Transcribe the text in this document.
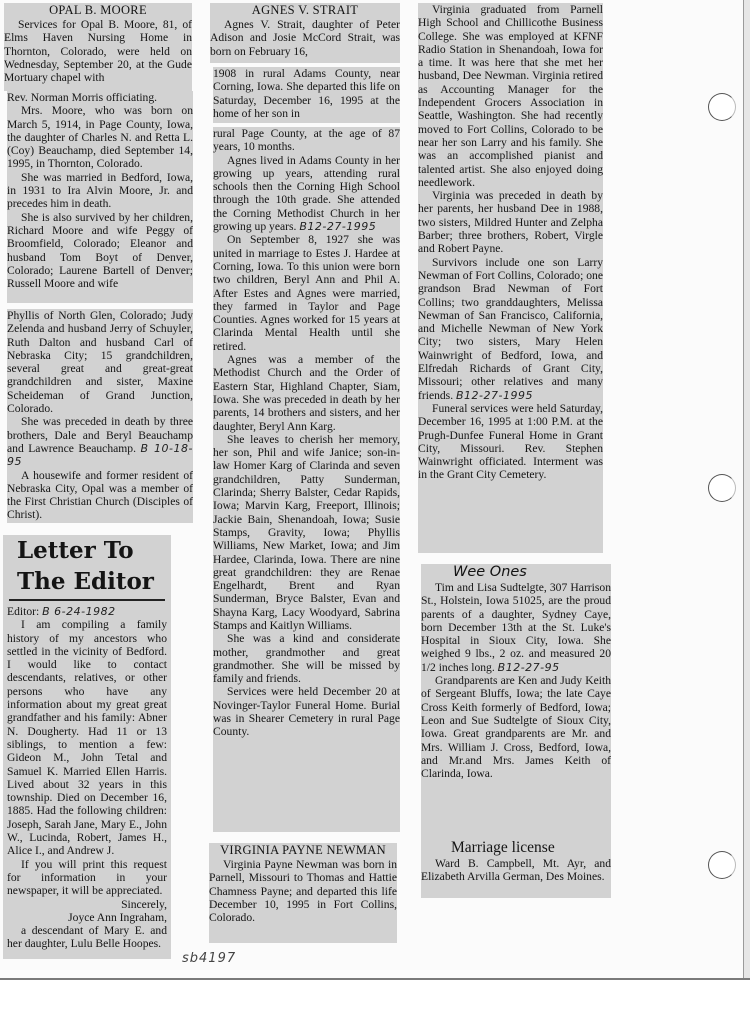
OPAL B. MOORE

Services for Opal B. Moore, 81, of Elms Haven Nursing Home in Thornton, Colorado, were held on Wednesday, September 20, at the Gude Mortuary chapel with

Rev. Norman Morris officiating.

Mrs. Moore, who was born on March 5, 1914, in Page County, Iowa, the daughter of Charles N. and Retta L. (Coy) Beauchamp, died September 14, 1995, in Thornton, Colorado.

She was married in Bedford, Iowa, in 1931 to Ira Alvin Moore, Jr. and precedes him in death.

She is also survived by her children, Richard Moore and wife Peggy of Broomfield, Colorado; Eleanor and husband Tom Boyt of Denver, Colorado; Laurene Bartell of Denver; Russell Moore and wife

Phyllis of North Glen, Colorado; Judy Zelenda and husband Jerry of Schuyler, Ruth Dalton and husband Carl of Nebraska City; 15 grandchildren, several great and great-great grandchildren and sister, Maxine Scheideman of Grand Junction, Colorado.

She was preceded in death by three brothers, Dale and Beryl Beauchamp and Lawrence Beauchamp. B 10-18-95

A housewife and former resident of Nebraska City, Opal was a member of the First Christian Church (Disciples of Christ).

Letter To
The Editor

Editor: B 6-24-1982

I am compiling a family history of my ancestors who settled in the vicinity of Bedford. I would like to contact descendants, relatives, or other persons who have any information about my great great grandfather and his family: Abner N. Dougherty. Had 11 or 13 siblings, to mention a few: Gideon M., John Tetal and Samuel K. Married Ellen Harris. Lived about 32 years in this township. Died on December 16, 1885. Had the following children: Joseph, Sarah Jane, Mary E., John W., Lucinda, Robert, James H., Alice I., and Andrew J.

If you will print this request for information in your newspaper, it will be appreciated.

Sincerely,
Joyce Ann Ingraham,

a descendant of Mary E. and her daughter, Lulu Belle Hoopes.

AGNES V. STRAIT

Agnes V. Strait, daughter of Peter Adison and Josie McCord Strait, was born on February 16,

1908 in rural Adams County, near Corning, Iowa. She departed this life on Saturday, December 16, 1995 at the home of her son in

rural Page County, at the age of 87 years, 10 months.

Agnes lived in Adams County in her growing up years, attending rural schools then the Corning High School through the 10th grade. She attended the Corning Methodist Church in her growing up years. B12-27-1995

On September 8, 1927 she was united in marriage to Estes J. Hardee at Corning, Iowa. To this union were born two children, Beryl Ann and Phil A. After Estes and Agnes were married, they farmed in Taylor and Page Counties. Agnes worked for 15 years at Clarinda Mental Health until she retired.

Agnes was a member of the Methodist Church and the Order of Eastern Star, Highland Chapter, Siam, Iowa. She was preceded in death by her parents, 14 brothers and sisters, and her daughter, Beryl Ann Karg.

She leaves to cherish her memory, her son, Phil and wife Janice; son-in-law Homer Karg of Clarinda and seven grandchildren, Patty Sunderman, Clarinda; Sherry Balster, Cedar Rapids, Iowa; Marvin Karg, Freeport, Illinois; Jackie Bain, Shenandoah, Iowa; Susie Stamps, Gravity, Iowa; Phyllis Williams, New Market, Iowa; and Jim Hardee, Clarinda, Iowa. There are nine great grandchildren: they are Renae Engelhardt, Brent and Ryan Sunderman, Bryce Balster, Evan and Shayna Karg, Lacy Woodyard, Sabrina Stamps and Kaitlyn Williams.

She was a kind and considerate mother, grandmother and great grandmother. She will be missed by family and friends.

Services were held December 20 at Novinger-Taylor Funeral Home. Burial was in Shearer Cemetery in rural Page County.

VIRGINIA PAYNE NEWMAN

Virginia Payne Newman was born in Parnell, Missouri to Thomas and Hattie Chamness Payne; and departed this life December 10, 1995 in Fort Collins, Colorado.

Virginia graduated from Parnell High School and Chillicothe Business College. She was employed at KFNF Radio Station in Shenandoah, Iowa for a time. It was here that she met her husband, Dee Newman. Virginia retired as Accounting Manager for the Independent Grocers Association in Seattle, Washington. She had recently moved to Fort Collins, Colorado to be near her son Larry and his family. She was an accomplished pianist and talented artist. She also enjoyed doing needlework.

Virginia was preceded in death by her parents, her husband Dee in 1988, two sisters, Mildred Hunter and Zelpha Barber; three brothers, Robert, Virgle and Robert Payne.

Survivors include one son Larry Newman of Fort Collins, Colorado; one grandson Brad Newman of Fort Collins; two granddaughters, Melissa Newman of San Francisco, California, and Michelle Newman of New York City; two sisters, Mary Helen Wainwright of Bedford, Iowa, and Elfredah Richards of Grant City, Missouri; other relatives and many friends. B12-27-1995

Funeral services were held Saturday, December 16, 1995 at 1:00 P.M. at the Prugh-Dunfee Funeral Home in Grant City, Missouri. Rev. Stephen Wainwright officiated. Interment was in the Grant City Cemetery.

Wee Ones

Tim and Lisa Sudtelgte, 307 Harrison St., Holstein, Iowa 51025, are the proud parents of a daughter, Sydney Caye, born December 13th at the St. Luke's Hospital in Sioux City, Iowa. She weighed 9 lbs., 2 oz. and measured 20 1/2 inches long. B12-27-95

Grandparents are Ken and Judy Keith of Sergeant Bluffs, Iowa; the late Caye Cross Keith formerly of Bedford, Iowa; Leon and Sue Sudtelgte of Sioux City, Iowa. Great grandparents are Mr. and Mrs. William J. Cross, Bedford, Iowa, and Mr.and Mrs. James Keith of Clarinda, Iowa.

Marriage license

Ward B. Campbell, Mt. Ayr, and Elizabeth Arvilla German, Des Moines.

sb4197
